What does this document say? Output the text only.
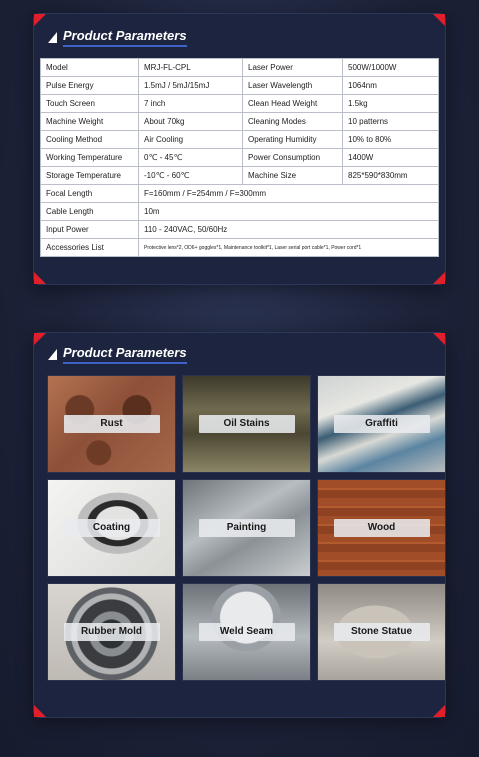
Product Parameters
Model	MRJ-FL-CPL	Laser Power	500W/1000W
Pulse Energy	1.5mJ / 5mJ/15mJ	Laser Wavelength	1064nm
Touch Screen	7 inch	Clean Head Weight	1.5kg
Machine Weight	About 70kg	Cleaning Modes	10 patterns
Cooling Method	Air Cooling	Operating Humidity	10% to 80%
Working Temperature	0℃ - 45℃	Power Consumption	1400W
Storage Temperature	-10℃ - 60℃	Machine Size	825*590*830mm
Focal Length	F=160mm / F=254mm / F=300mm		
Cable Length	10m		
Input Power	110 - 240VAC, 50/60Hz		
Accessories List	Protective lens*2, OD6+ goggles*1, Maintenance toolkit*1, Laser serial port cable*1, Power cord*1		
Product Parameters
Rust	Oil Stains	Graffiti
Coating	Painting	Wood
Rubber Mold	Weld Seam	Stone Statue
